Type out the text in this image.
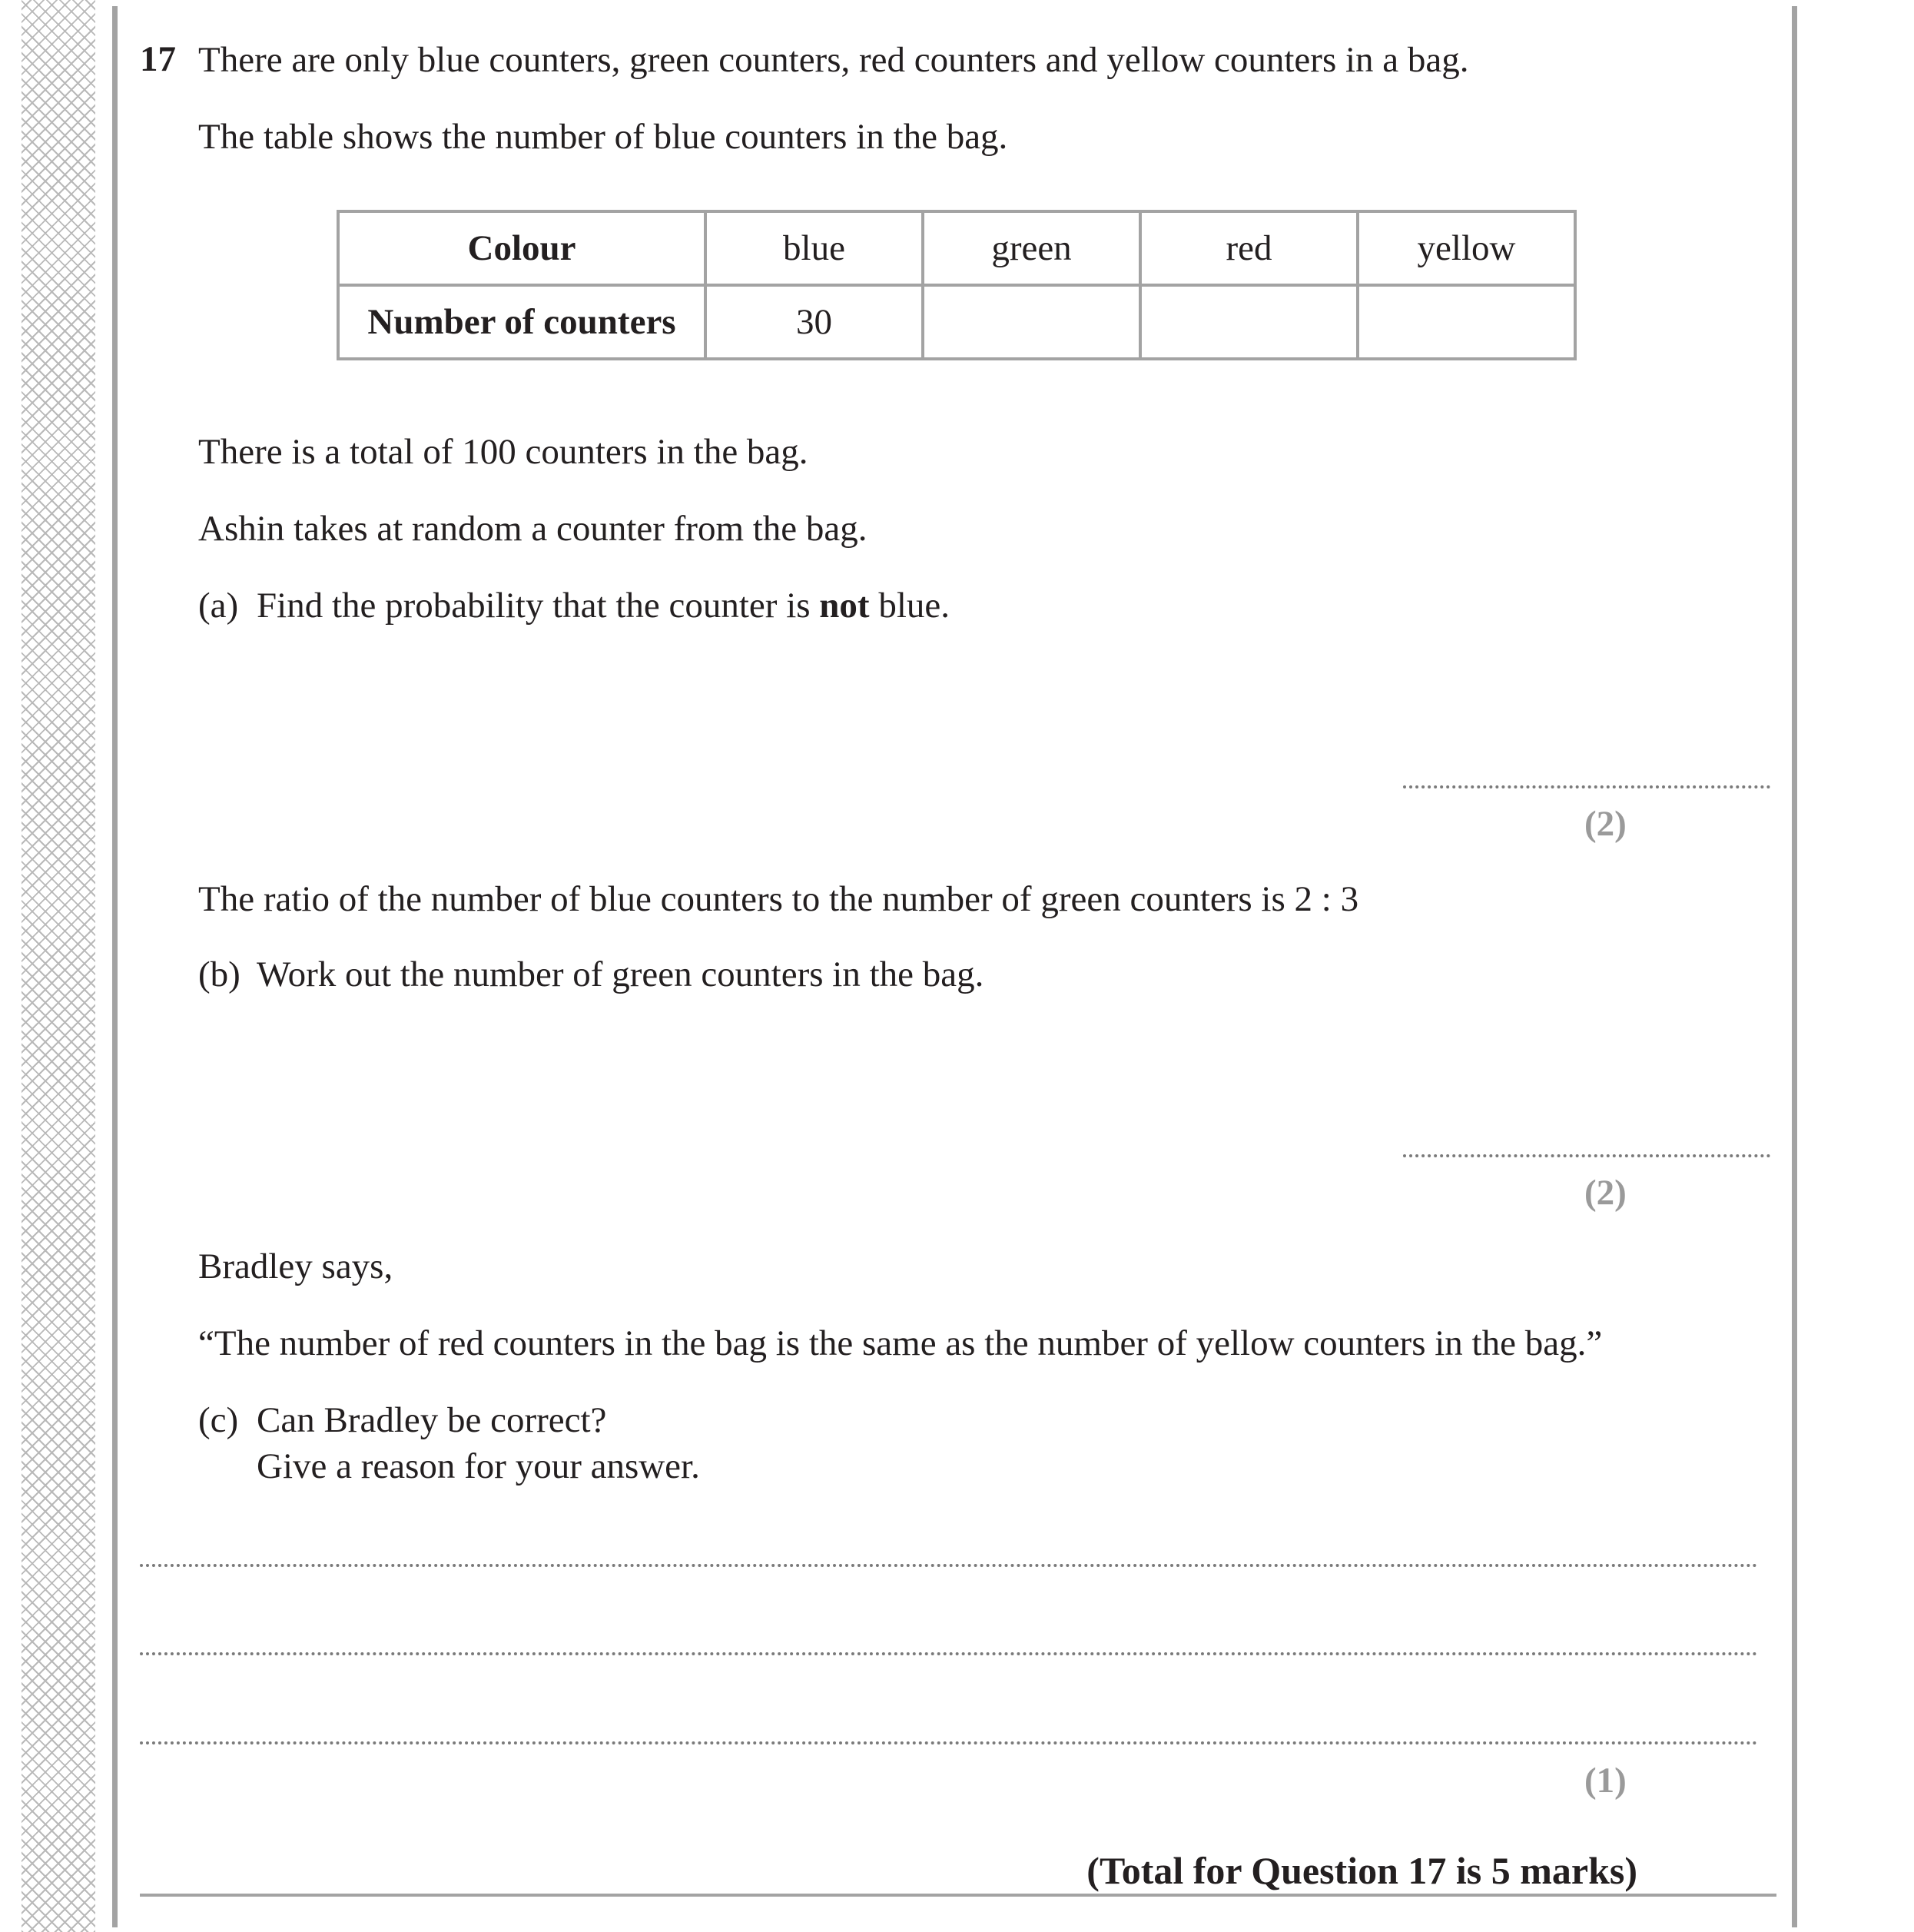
17 There are only blue counters, green counters, red counters and yellow counters in a bag.
The table shows the number of blue counters in the bag.
Colour	blue	green	red	yellow
Number of counters	30			
There is a total of 100 counters in the bag.
Ashin takes at random a counter from the bag.
(a) Find the probability that the counter is not blue.
(2)
The ratio of the number of blue counters to the number of green counters is 2 : 3
(b) Work out the number of green counters in the bag.
(2)
Bradley says,
“The number of red counters in the bag is the same as the number of yellow counters in the bag.”
(c) Can Bradley be correct?
Give a reason for your answer.
(1)
(Total for Question 17 is 5 marks)
